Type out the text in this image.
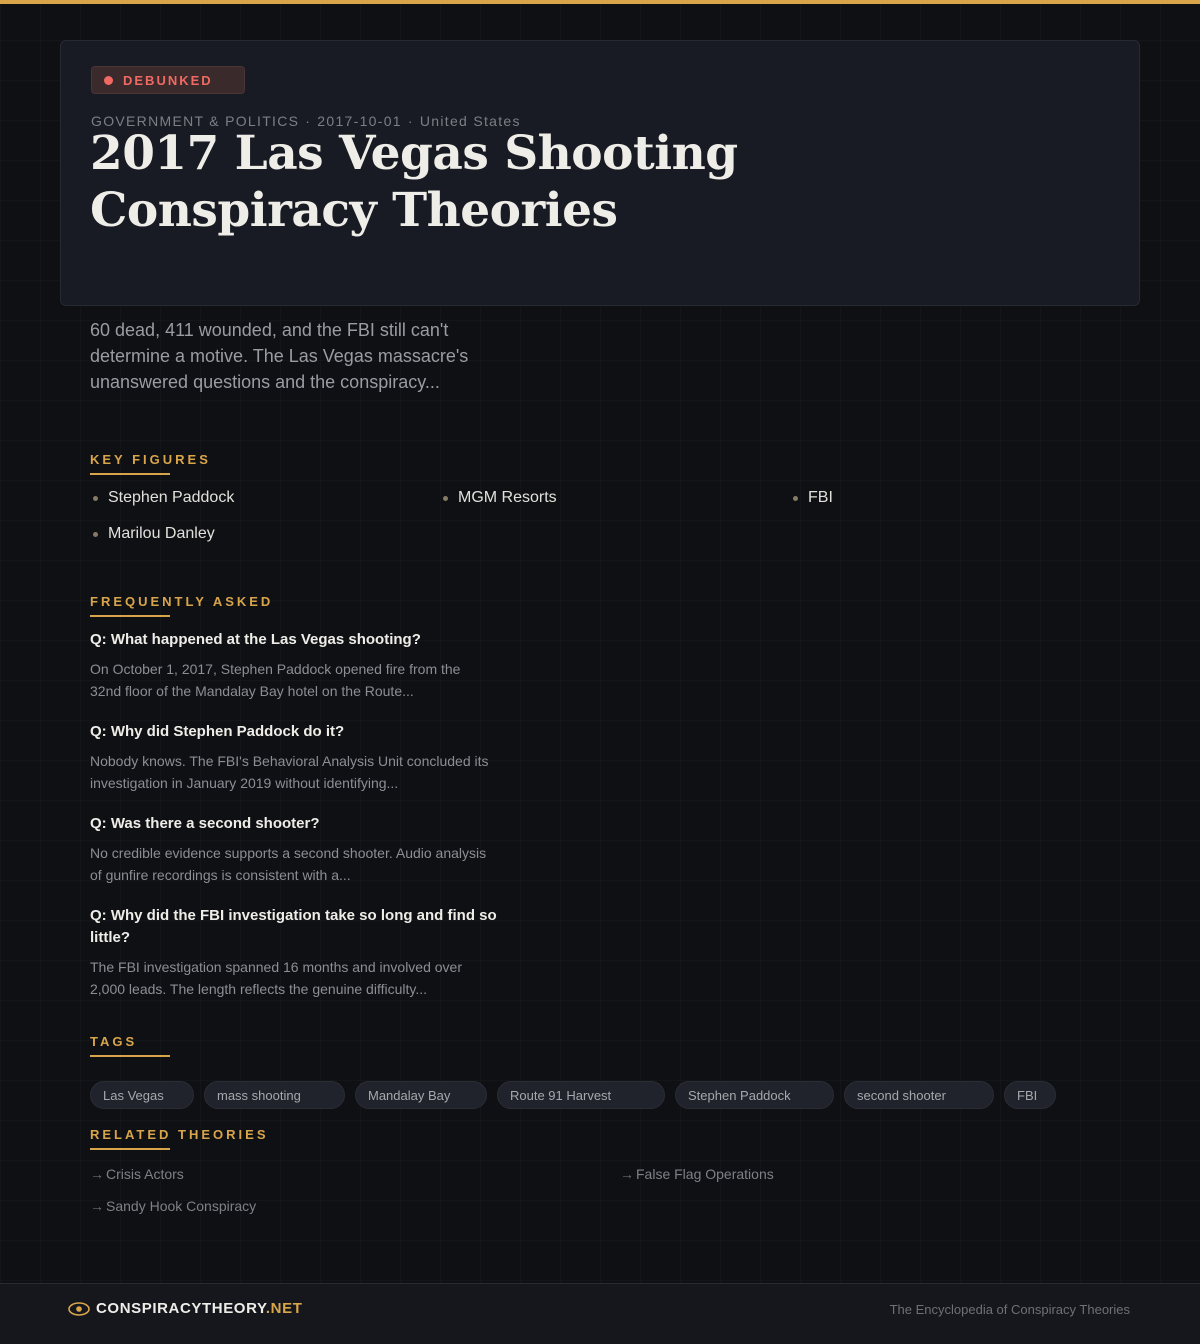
DEBUNKED
GOVERNMENT & POLITICS · 2017-10-01 · United States
2017 Las Vegas Shooting Conspiracy Theories

60 dead, 411 wounded, and the FBI still can't determine a motive. The Las Vegas massacre's unanswered questions and the conspiracy...

KEY FIGURES
Stephen Paddock	MGM Resorts	FBI
Marilou Danley
FREQUENTLY ASKED

Q: What happened at the Las Vegas shooting?

On October 1, 2017, Stephen Paddock opened fire from the 32nd floor of the Mandalay Bay hotel on the Route...

Q: Why did Stephen Paddock do it?

Nobody knows. The FBI's Behavioral Analysis Unit concluded its investigation in January 2019 without identifying...

Q: Was there a second shooter?

No credible evidence supports a second shooter. Audio analysis of gunfire recordings is consistent with a...

Q: Why did the FBI investigation take so long and find so little?

The FBI investigation spanned 16 months and involved over 2,000 leads. The length reflects the genuine difficulty...

TAGS
Las Vegas	mass shooting	Mandalay Bay	Route 91 Harvest	Stephen Paddock	second shooter	FBI
RELATED THEORIES
→ Crisis Actors	→ False Flag Operations
→ Sandy Hook Conspiracy
CONSPIRACYTHEORY.NET	The Encyclopedia of Conspiracy Theories
